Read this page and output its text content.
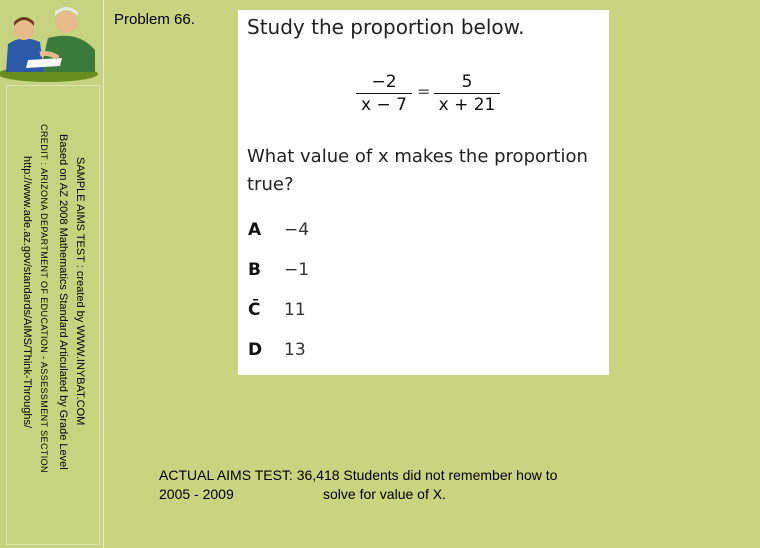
SAMPLE AIMS TEST : created by WWW.INYBAT.COM
Based on AZ 2008 Mathematics Standard Articulated by Grade Level
CREDIT : ARIZONA DEPARTMENT OF EDUCATION - ASSESSMENT SECTION
http://www.ade.az.gov/standards/AIMS/Think-Throughs/
Problem 66.	Study the proportion below.
−2
x − 7
=	5
x + 21
What value of x makes the proportion true?
A −4
B −1
C̄ 11
D 13
ACTUAL AIMS TEST: 36,418 Students did not remember how to
2005 - 2009	solve for value of X.
